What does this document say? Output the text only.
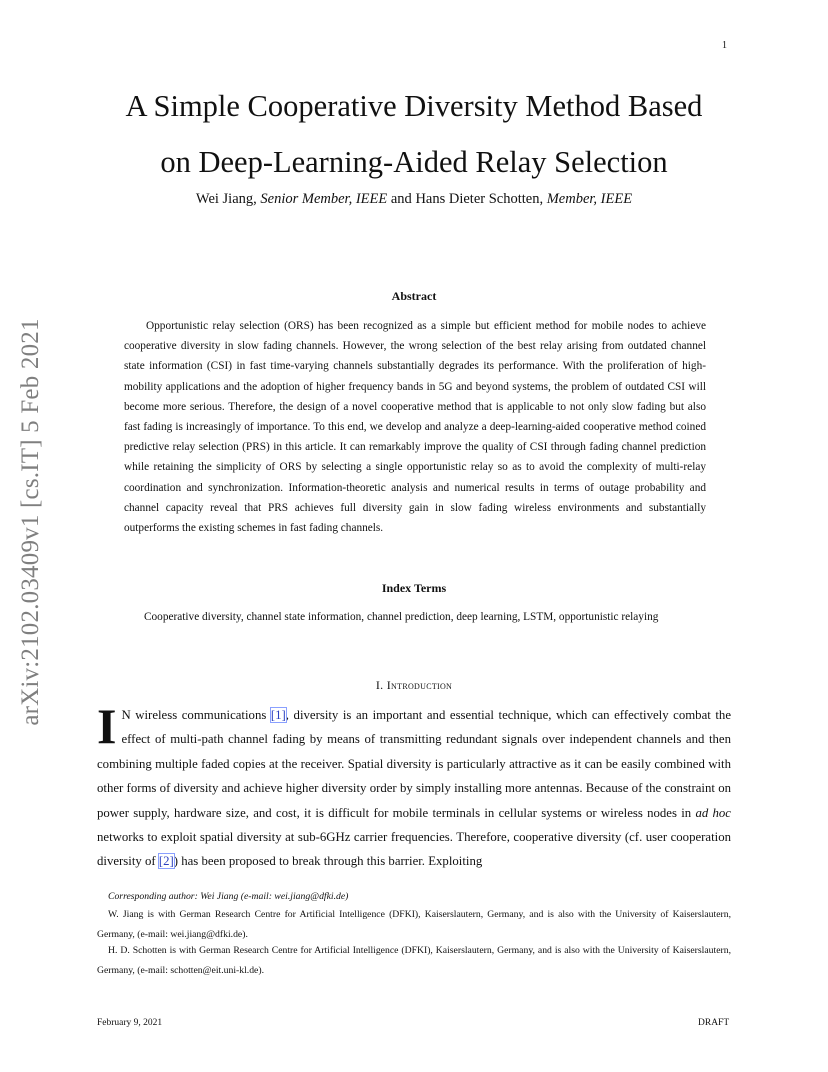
1
arXiv:2102.03409v1 [cs.IT] 5 Feb 2021
A Simple Cooperative Diversity Method Based
on Deep-Learning-Aided Relay Selection
Wei Jiang, Senior Member, IEEE and Hans Dieter Schotten, Member, IEEE
Abstract
Opportunistic relay selection (ORS) has been recognized as a simple but efficient method for mobile nodes to achieve cooperative diversity in slow fading channels. However, the wrong selection of the best relay arising from outdated channel state information (CSI) in fast time-varying channels substantially degrades its performance. With the proliferation of high-mobility applications and the adoption of higher frequency bands in 5G and beyond systems, the problem of outdated CSI will become more serious. Therefore, the design of a novel cooperative method that is applicable to not only slow fading but also fast fading is increasingly of importance. To this end, we develop and analyze a deep-learning-aided cooperative method coined predictive relay selection (PRS) in this article. It can remarkably improve the quality of CSI through fading channel prediction while retaining the simplicity of ORS by selecting a single opportunistic relay so as to avoid the complexity of multi-relay coordination and synchronization. Information-theoretic analysis and numerical results in terms of outage probability and channel capacity reveal that PRS achieves full diversity gain in slow fading wireless environments and substantially outperforms the existing schemes in fast fading channels.
Index Terms
Cooperative diversity, channel state information, channel prediction, deep learning, LSTM, opportunistic relaying
I. Introduction
I N wireless communications [1], diversity is an important and essential technique, which can effectively combat the effect of multi-path channel fading by means of transmitting redundant signals over independent channels and then combining multiple faded copies at the receiver. Spatial diversity is particularly attractive as it can be easily combined with other forms of diversity and achieve higher diversity order by simply installing more antennas. Because of the constraint on power supply, hardware size, and cost, it is difficult for mobile terminals in cellular systems or wireless nodes in ad hoc networks to exploit spatial diversity at sub-6GHz carrier frequencies. Therefore, cooperative diversity (cf. user cooperation diversity of [2]) has been proposed to break through this barrier. Exploiting
Corresponding author: Wei Jiang (e-mail: wei.jiang@dfki.de)
W. Jiang is with German Research Centre for Artificial Intelligence (DFKI), Kaiserslautern, Germany, and is also with the University of Kaiserslautern, Germany, (e-mail: wei.jiang@dfki.de).
H. D. Schotten is with German Research Centre for Artificial Intelligence (DFKI), Kaiserslautern, Germany, and is also with the University of Kaiserslautern, Germany, (e-mail: schotten@eit.uni-kl.de).
February 9, 2021	DRAFT
